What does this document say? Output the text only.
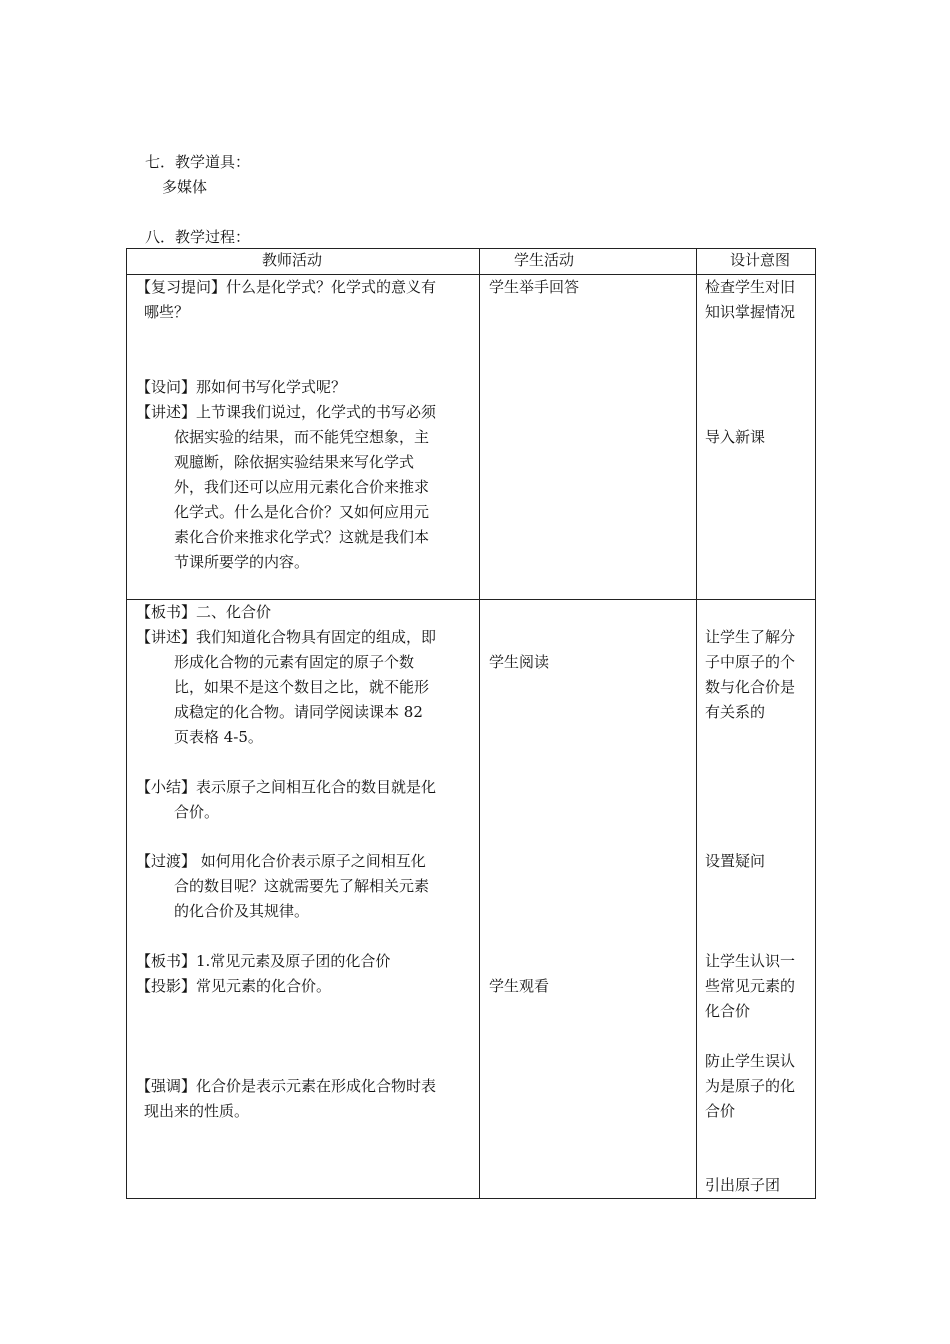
七．教学道具：
多媒体
八．教学过程：
教师活动	学生活动	设计意图
【复习提问】什么是化学式？化学式的意义有
哪些？
【设问】那如何书写化学式呢？
【讲述】上节课我们说过，化学式的书写必须
依据实验的结果，而不能凭空想象，主
观臆断，除依据实验结果来写化学式
外，我们还可以应用元素化合价来推求
化学式。什么是化合价？又如何应用元
素化合价来推求化学式？这就是我们本
节课所要学的内容。
【板书】二、化合价
【讲述】我们知道化合物具有固定的组成，即
形成化合物的元素有固定的原子个数
比，如果不是这个数目之比，就不能形
成稳定的化合物。请同学阅读课本 82
页表格 4-5。
【小结】表示原子之间相互化合的数目就是化
合价。
【过渡】 如何用化合价表示原子之间相互化
合的数目呢？这就需要先了解相关元素
的化合价及其规律。
【板书】1.常见元素及原子团的化合价
【投影】常见元素的化合价。
【强调】化合价是表示元素在形成化合物时表
现出来的性质。
学生举手回答
学生阅读
学生观看
检查学生对旧
知识掌握情况
导入新课
让学生了解分
子中原子的个
数与化合价是
有关系的
设置疑问
让学生认识一
些常见元素的
化合价
防止学生误认
为是原子的化
合价
引出原子团
